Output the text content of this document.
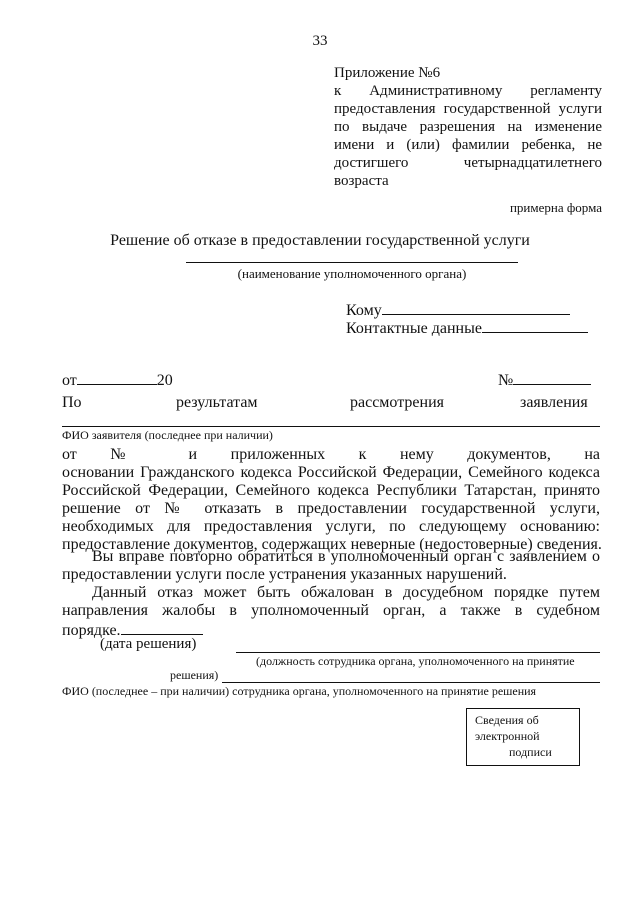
33
Приложение №6
к Административному регламенту
предоставления государственной услуги
по выдаче разрешения на изменение
имени и (или) фамилии ребенка, не
достигшего четырнадцатилетнего
возраста
примерна форма
Решение об отказе в предоставлении государственной услуги
(наименование уполномоченного органа)
Кому
Контактные данные
от	20	№
По	результатам	рассмотрения	заявления
ФИО заявителя (последнее при наличии)
от № и приложенных к нему документов, на
основании Гражданского кодекса Российской Федерации, Семейного кодекса
Российской Федерации, Семейного кодекса Республики Татарстан, принято
решение от № отказать в предоставлении государственной услуги,
необходимых для предоставления услуги, по следующему основанию:
предоставление документов, содержащих неверные (недостоверные) сведения.
Вы вправе повторно обратиться в уполномоченный орган с заявлением о
предоставлении услуги после устранения указанных нарушений.
Данный отказ может быть обжалован в досудебном порядке путем
направления жалобы в уполномоченный орган, а также в судебном
порядке.
(дата решения)
(должность сотрудника органа, уполномоченного на принятие
решения)
ФИО (последнее – при наличии) сотрудника органа, уполномоченного на принятие решения
Сведения об
электронной
подписи
